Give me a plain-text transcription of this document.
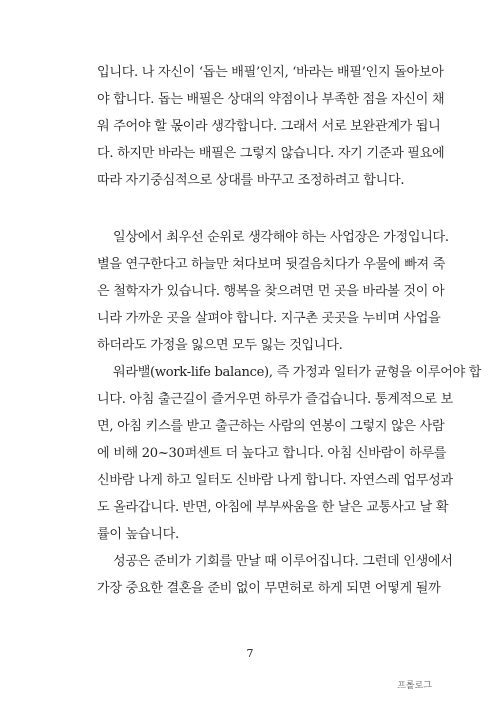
입니다. 나 자신이 ‘돕는 배필’인지, ‘바라는 배필’인지 돌아보아
야 합니다. 돕는 배필은 상대의 약점이나 부족한 점을 자신이 채
워 주어야 할 몫이라 생각합니다. 그래서 서로 보완관계가 됩니
다. 하지만 바라는 배필은 그렇지 않습니다. 자기 기준과 필요에
따라 자기중심적으로 상대를 바꾸고 조정하려고 합니다.
일상에서 최우선 순위로 생각해야 하는 사업장은 가정입니다.
별을 연구한다고 하늘만 쳐다보며 뒷걸음치다가 우물에 빠져 죽
은 철학자가 있습니다. 행복을 찾으려면 먼 곳을 바라볼 것이 아
니라 가까운 곳을 살펴야 합니다. 지구촌 곳곳을 누비며 사업을
하더라도 가정을 잃으면 모두 잃는 것입니다.
워라밸(work-life balance), 즉 가정과 일터가 균형을 이루어야 합
니다. 아침 출근길이 즐거우면 하루가 즐겁습니다. 통계적으로 보
면, 아침 키스를 받고 출근하는 사람의 연봉이 그렇지 않은 사람
에 비해 20~30퍼센트 더 높다고 합니다. 아침 신바람이 하루를
신바람 나게 하고 일터도 신바람 나게 합니다. 자연스레 업무성과
도 올라갑니다. 반면, 아침에 부부싸움을 한 날은 교통사고 날 확
률이 높습니다.
성공은 준비가 기회를 만날 때 이루어집니다. 그런데 인생에서
가장 중요한 결혼을 준비 없이 무면허로 하게 되면 어떻게 될까
7
프롤로그
